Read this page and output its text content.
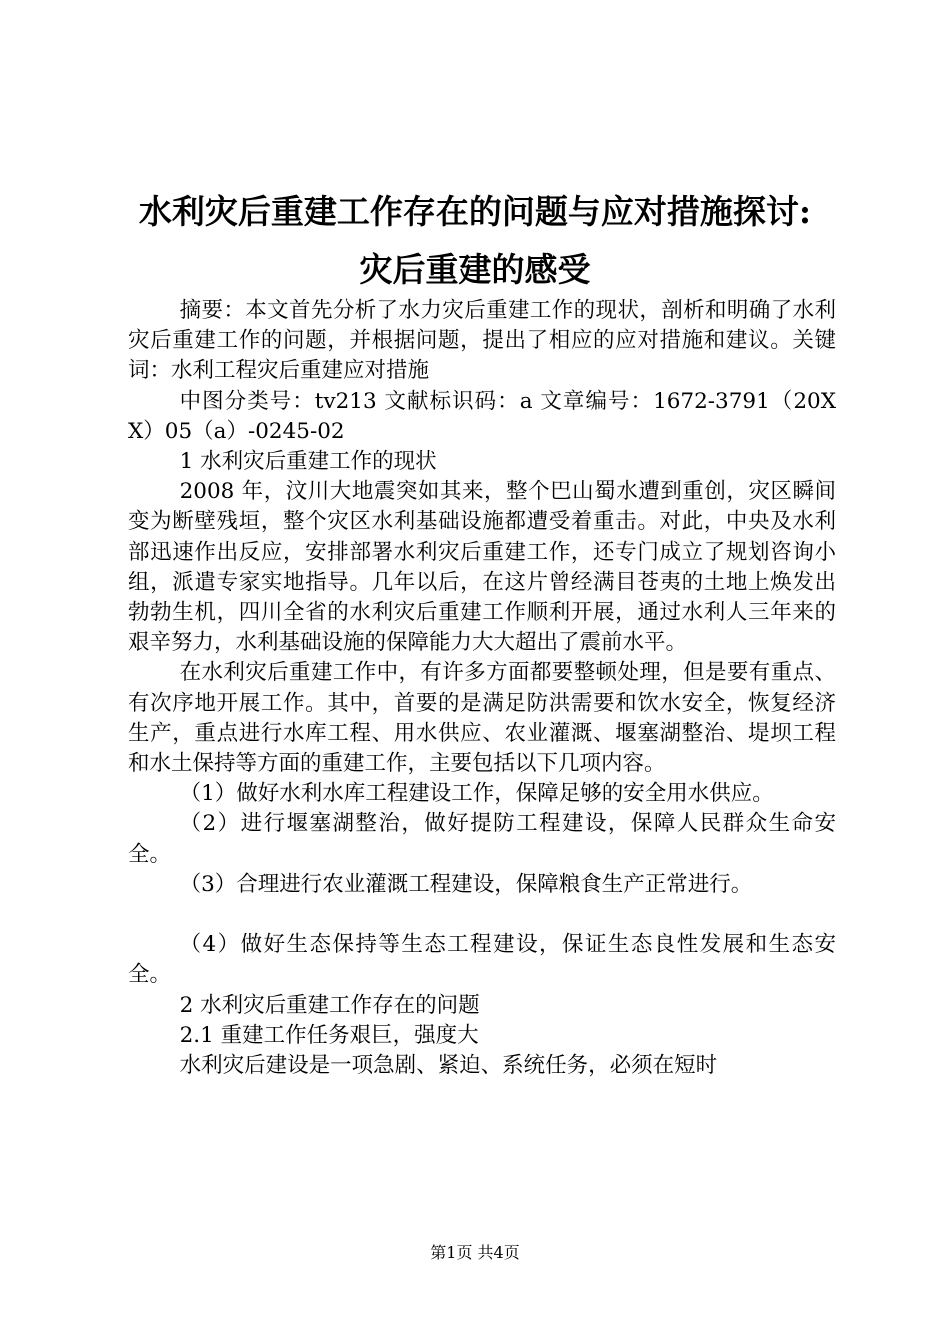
水利灾后重建工作存在的问题与应对措施探讨:
灾后重建的感受

摘要：本文首先分析了水力灾后重建工作的现状，剖析和明确了水利灾后重建工作的问题，并根据问题，提出了相应的应对措施和建议。关键词：水利工程灾后重建应对措施

中图分类号：tv213 文献标识码：a 文章编号：1672-3791（20XX）05（a）-0245-02

1 水利灾后重建工作的现状

2008 年，汶川大地震突如其来，整个巴山蜀水遭到重创，灾区瞬间变为断壁残垣，整个灾区水利基础设施都遭受着重击。对此，中央及水利部迅速作出反应，安排部署水利灾后重建工作，还专门成立了规划咨询小组，派遣专家实地指导。几年以后，在这片曾经满目苍夷的土地上焕发出勃勃生机，四川全省的水利灾后重建工作顺利开展，通过水利人三年来的艰辛努力，水利基础设施的保障能力大大超出了震前水平。

在水利灾后重建工作中，有许多方面都要整顿处理，但是要有重点、有次序地开展工作。其中，首要的是满足防洪需要和饮水安全，恢复经济生产，重点进行水库工程、用水供应、农业灌溉、堰塞湖整治、堤坝工程和水土保持等方面的重建工作，主要包括以下几项内容。

（1）做好水利水库工程建设工作，保障足够的安全用水供应。

（2）进行堰塞湖整治，做好提防工程建设，保障人民群众生命安全。

（3）合理进行农业灌溉工程建设，保障粮食生产正常进行。

（4）做好生态保持等生态工程建设，保证生态良性发展和生态安全。

2 水利灾后重建工作存在的问题

2.1 重建工作任务艰巨，强度大

水利灾后建设是一项急剧、紧迫、系统任务，必须在短时

第1页 共4页
